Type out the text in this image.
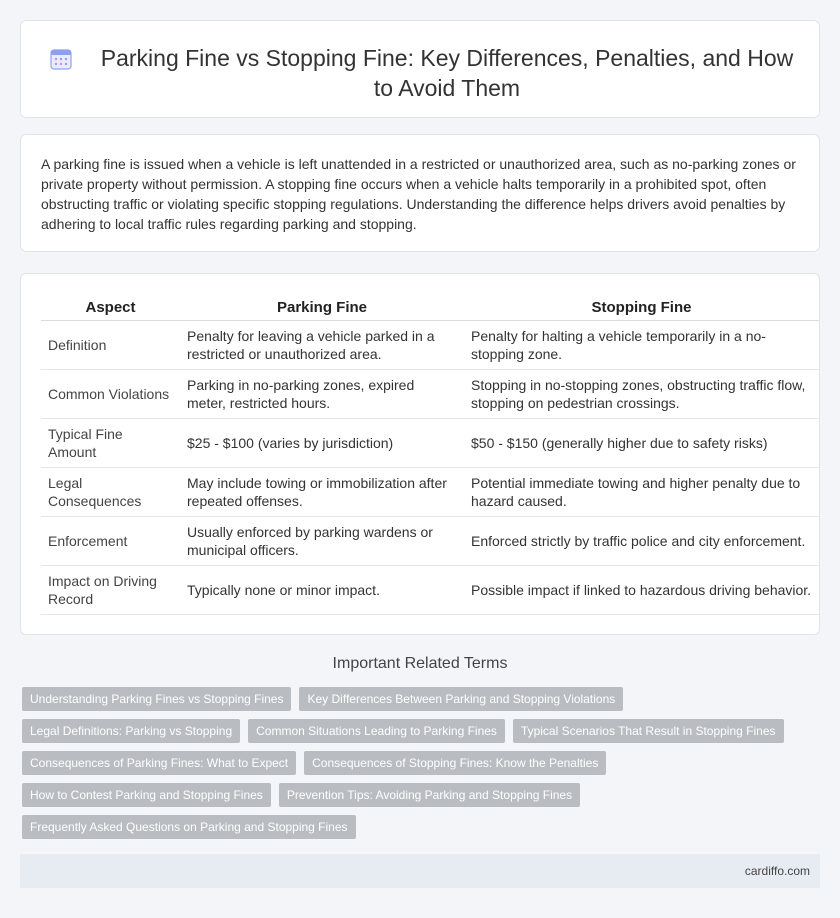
Parking Fine vs Stopping Fine: Key Differences, Penalties, and How to Avoid Them

A parking fine is issued when a vehicle is left unattended in a restricted or unauthorized area, such as no-parking zones or private property without permission. A stopping fine occurs when a vehicle halts temporarily in a prohibited spot, often obstructing traffic or violating specific stopping regulations. Understanding the difference helps drivers avoid penalties by adhering to local traffic rules regarding parking and stopping.

Aspect	Parking Fine	Stopping Fine
Definition	Penalty for leaving a vehicle parked in a restricted or unauthorized area.	Penalty for halting a vehicle temporarily in a no-stopping zone.
Common Violations	Parking in no-parking zones, expired meter, restricted hours.	Stopping in no-stopping zones, obstructing traffic flow, stopping on pedestrian crossings.
Typical Fine Amount	$25 - $100 (varies by jurisdiction)	$50 - $150 (generally higher due to safety risks)
Legal Consequences	May include towing or immobilization after repeated offenses.	Potential immediate towing and higher penalty due to hazard caused.
Enforcement	Usually enforced by parking wardens or municipal officers.	Enforced strictly by traffic police and city enforcement.
Impact on Driving Record	Typically none or minor impact.	Possible impact if linked to hazardous driving behavior.
Important Related Terms
Understanding Parking Fines vs Stopping Fines	Key Differences Between Parking and Stopping Violations
Legal Definitions: Parking vs Stopping	Common Situations Leading to Parking Fines	Typical Scenarios That Result in Stopping Fines
Consequences of Parking Fines: What to Expect	Consequences of Stopping Fines: Know the Penalties
How to Contest Parking and Stopping Fines	Prevention Tips: Avoiding Parking and Stopping Fines
Frequently Asked Questions on Parking and Stopping Fines
cardiffo.com
